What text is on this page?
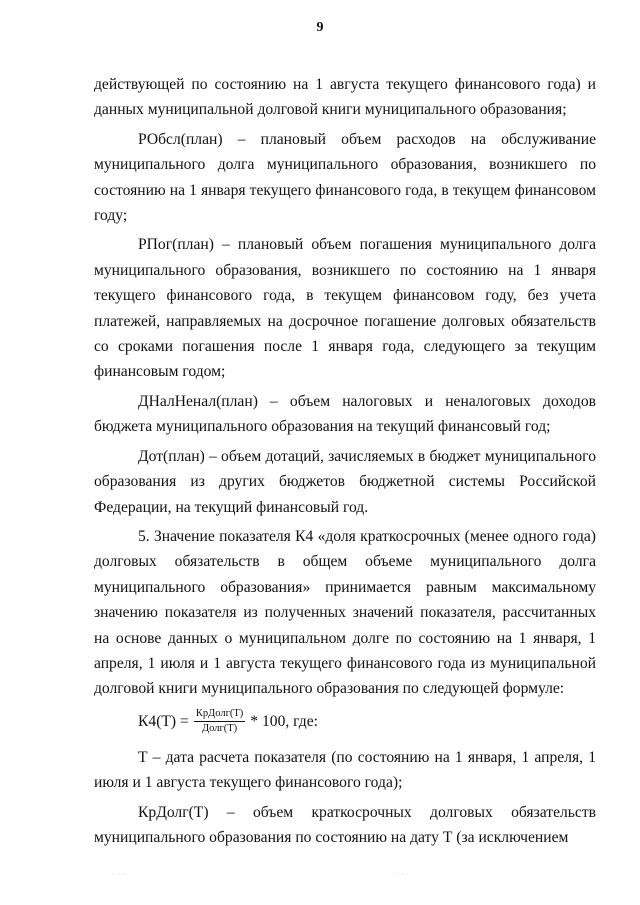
9

действующей по состоянию на 1 августа текущего финансового года) и данных муниципальной долговой книги муниципального образования;

РОбсл(план) – плановый объем расходов на обслуживание муниципального долга муниципального образования, возникшего по состоянию на 1 января текущего финансового года, в текущем финансовом году;

РПог(план) – плановый объем погашения муниципального долга муниципального образования, возникшего по состоянию на 1 января текущего финансового года, в текущем финансовом году, без учета платежей, направляемых на досрочное погашение долговых обязательств со сроками погашения после 1 января года, следующего за текущим финансовым годом;

ДНалНенал(план) – объем налоговых и неналоговых доходов бюджета муниципального образования на текущий финансовый год;

Дот(план) – объем дотаций, зачисляемых в бюджет муниципального образования из других бюджетов бюджетной системы Российской Федерации, на текущий финансовый год.

5. Значение показателя К4 «доля краткосрочных (менее одного года) долговых обязательств в общем объеме муниципального долга муниципального образования» принимается равным максимальному значению показателя из полученных значений показателя, рассчитанных на основе данных о муниципальном долге по состоянию на 1 января, 1 апреля, 1 июля и 1 августа текущего финансового года из муниципальной долговой книги муниципального образования по следующей формуле:

$К4(Т) = \frac{\text{КрДолг(Т)}}{\text{Долг(Т)}} * 100$, где:

Т – дата расчета показателя (по состоянию на 1 января, 1 апреля, 1 июля и 1 августа текущего финансового года);

КрДолг(Т) – объем краткосрочных долговых обязательств муниципального образования по состоянию на дату Т (за исключением

· · ·	· · ·
